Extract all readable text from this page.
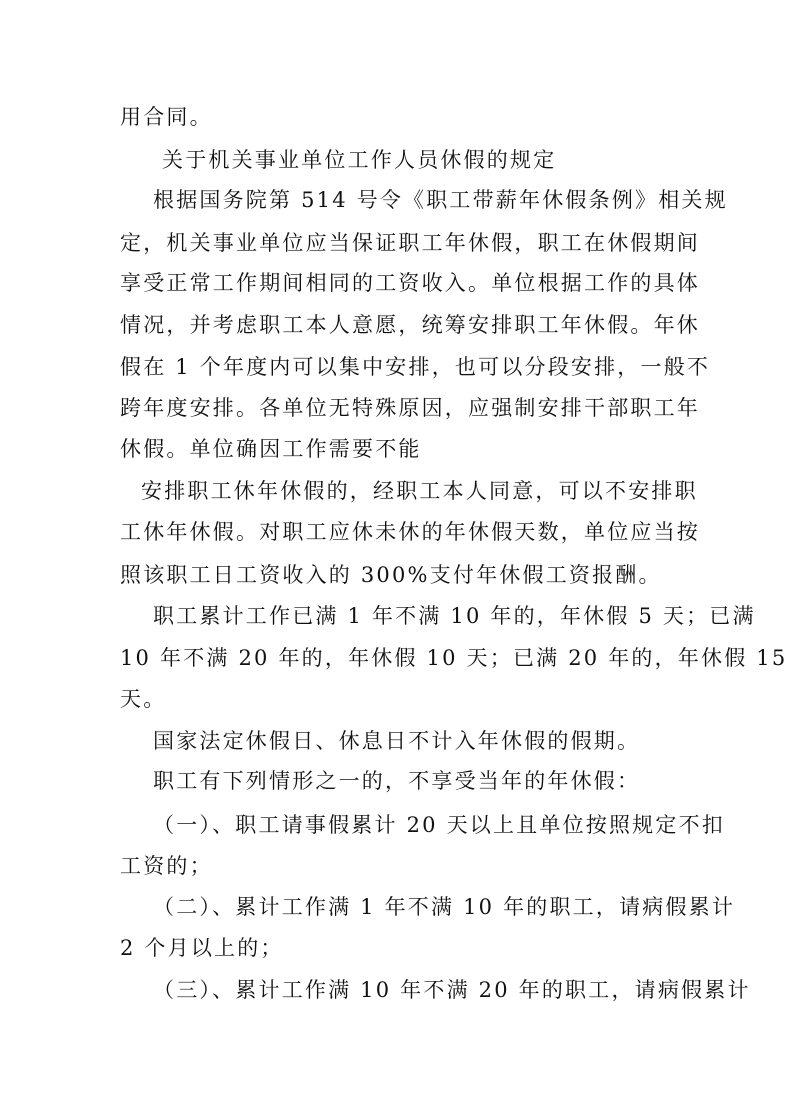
用合同。
关于机关事业单位工作人员休假的规定
根据国务院第 514 号令《职工带薪年休假条例》相关规
定，机关事业单位应当保证职工年休假，职工在休假期间
享受正常工作期间相同的工资收入。单位根据工作的具体
情况，并考虑职工本人意愿，统筹安排职工年休假。年休
假在 1 个年度内可以集中安排，也可以分段安排，一般不
跨年度安排。各单位无特殊原因，应强制安排干部职工年
休假。单位确因工作需要不能
安排职工休年休假的，经职工本人同意，可以不安排职
工休年休假。对职工应休未休的年休假天数，单位应当按
照该职工日工资收入的 300%支付年休假工资报酬。
职工累计工作已满 1 年不满 10 年的，年休假 5 天；已满
10 年不满 20 年的，年休假 10 天；已满 20 年的，年休假 15
天。
国家法定休假日、休息日不计入年休假的假期。
职工有下列情形之一的，不享受当年的年休假：
（一）、职工请事假累计 20 天以上且单位按照规定不扣
工资的；
（二）、累计工作满 1 年不满 10 年的职工，请病假累计
2 个月以上的；
（三）、累计工作满 10 年不满 20 年的职工，请病假累计
